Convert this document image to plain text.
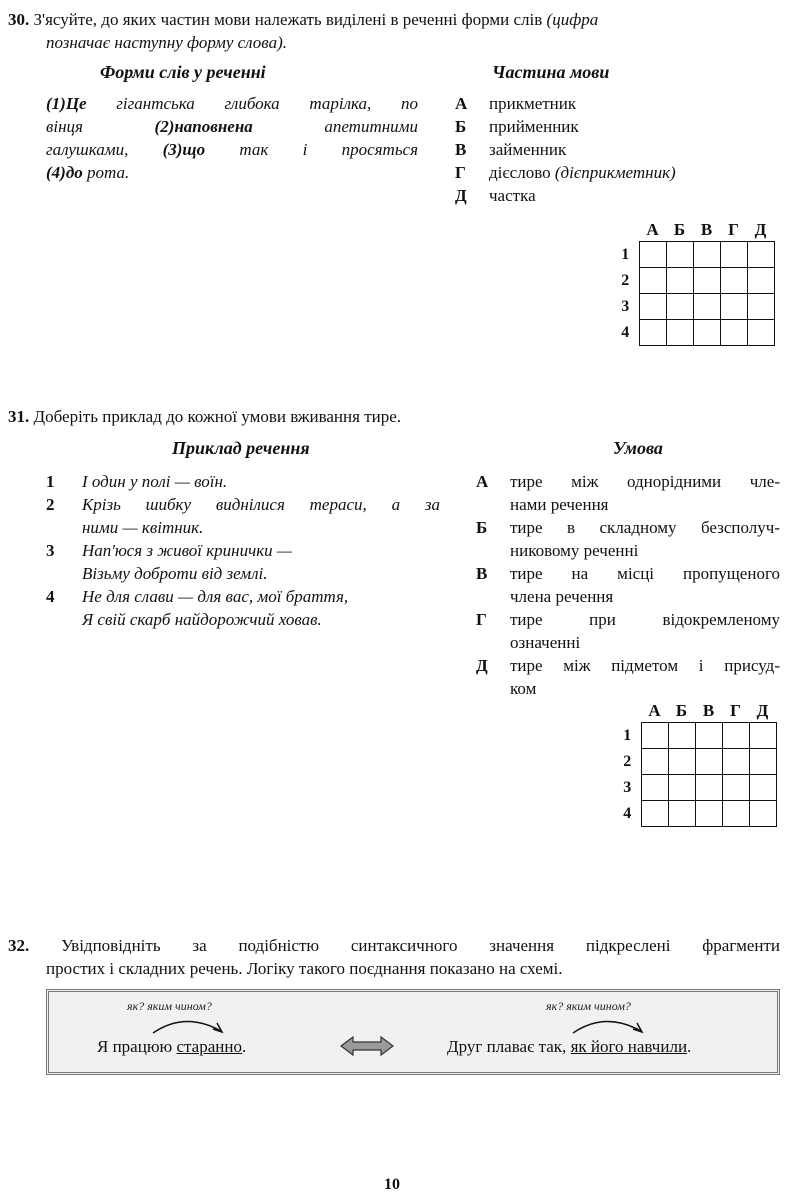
30. З'ясуйте, до яких частин мови належать виділені в реченні форми слів (цифра
позначає наступну форму слова).
Форми слів у реченні	Частина мови
(1)Це гігантська глибока тарілка, по
вінця	(2)наповнена	апетитними
галушками, (3)що так і просяться
(4)до рота.
А прикметник
Б прийменник
В займенник
Г дієслово (дієприкметник)
Д частка
	А	Б	В	Г	Д
1					
2					
3					
4					
31. Доберіть приклад до кожної умови вживання тире.
Приклад речення	Умова
1	І один у полі — воїн.
2	Крізь шибку виднілися тераси, а за
ними — квітник.
3	Нап'юся з живої кринички —
Візьму доброти від землі.
4	Не для слави — для вас, мої браття,
Я свій скарб найдорожчий ховав.
А	тире між однорідними чле-
нами речення
Б	тире в складному безсполуч-
никовому реченні
В	тире на місці пропущеного
члена речення
Г	тире при відокремленому
означенні
Д	тире між підметом і присуд-
ком
	А	Б	В	Г	Д
1					
2					
3					
4					
32. Увідповідніть за подібністю синтаксичного значення підкреслені фрагменти
простих і складних речень. Логіку такого поєднання показано на схемі.
як? яким чином?
Я працюю старанно.
як? яким чином?
Друг плаває так, як його навчили.
10
